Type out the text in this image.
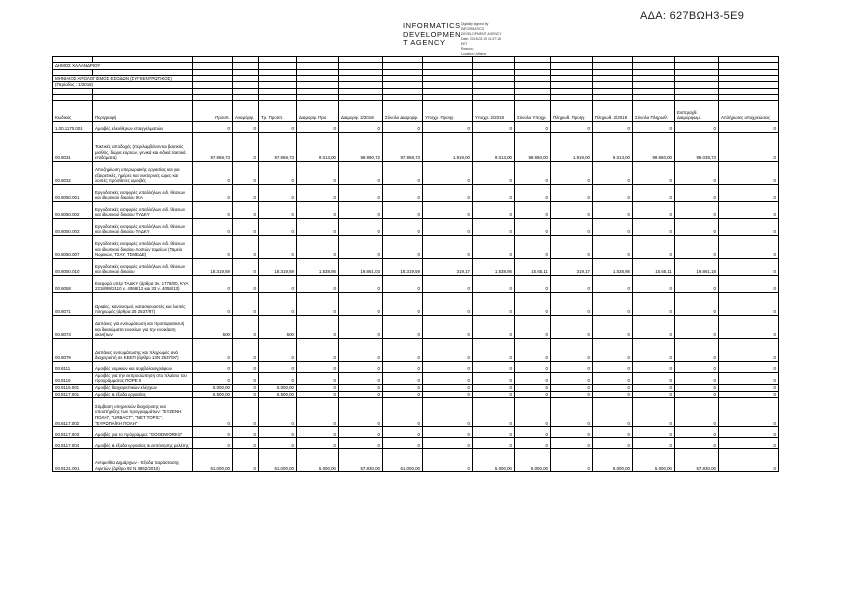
ΑΔΑ: 627ΒΩΗ3-5Ε9
INFORMATICS
DEVELOPMEN
T AGENCY
Digitally signed by
INFORMATICS
DEVELOPMENT AGENCY
Date: 2018.03.19 11:37:18
EET
Reason:
Location: Athens

ΔΗΜΟΣ ΧΑΛΑΝΔΡΙΟΥ															

ΜΗΝΙΑΙΟΣ ΑΠΟΛΟΓΙΣΜΟΣ ΕΣΟΔΩΝ (ΣΥΓΚΕΝΤΡΩΤΙΚΟΣ)															
(Περίοδος : 1/2018)															

Κωδικός	Περιγραφή	Προϋπ.	Αναμόρφ.	Τρ. Προϋπ.	Διαμορφ. Προ	Διαμορφ. 2/2018	Σύνολο Διαμορφ.	Υποχρ. Προηγ.	Υποχρ. 2/2018	Σύνολο Υποχρ.	Πληρωθ. Προηγ.	Πληρωθ. 2/2018	Σύνολο Πληρωθ.	Εισπραχθ. Διαμορφωμ.	Απλήρωτες υποχρεώσεις
1.00.1170.001	Αμοιβές ελευθέρων επαγγελματιών	0	0	0	0	0	0	0	0	0	0	0	0	0	0
00.8031	Τακτικές αποδοχές (περιλαμβάνονται βασικός μισθός, δώρα εορτών, γενικά και ειδικά τακτικά επιδόματα)	97.958,73	0	97.958,73	9.013,00	99.990,72	97.958,73	1.919,00	9.013,00	99.950,00	1.919,00	9.013,00	99.950,00	99.038,73	0
00.8032	Αποζημίωση υπερωριακής εργασίας και για εξαιρετικές, ημέρες και νυκτερινές ώρες και λοιπές πρόσθετες αμοιβές	0	0	0	0	0	0	0	0	0	0	0	0	0	0
00.8050.001	Εργοδοτικές εισφορές υπαλλήλων ειδ. θέσεων και ιδιωτικού δικαίου ΙΚΑ	0	0	0	0	0	0	0	0	0	0	0	0	0	0
00.8050.002	Εργοδοτικές εισφορές υπαλλήλων ειδ. θέσεων και ιδιωτικού δικαίου ΤΥΔΚΥ	0	0	0	0	0	0	0	0	0	0	0	0	0	0
00.8050.003	Εργοδοτικές εισφορές υπαλλήλων ειδ. θέσεων και ιδιωτικού δικαίου ΤΑΔΚΥ	0	0	0	0	0	0	0	0	0	0	0	0	0	0
00.8050.007	Εργοδοτικές εισφορές υπαλλήλων ειδ. θέσεων και ιδιωτικού δικαίου Λοιπών ταμείων (Ταμείο Νομικών, ΤΣΑΥ, ΤΣΜΕΔΕ)	0	0	0	0	0	0	0	0	0	0	0	0	0	0
00.8050.010	Εργοδοτικές εισφορές υπαλλήλων ειδ. θέσεων και ιδιωτικού δικαίου	18.319,59	0	18.319,59	1.538,95	19.861,03	18.319,59	319,17	1.538,95	15.65,11	319,17	1.538,95	15.65,11	19.861,18	0
00.8058	Εισφορά υπέρ ΤΑΔΚΥ (άρθρα 3ν. 1778/00, ΚΥΑ 2218/99/2110 ν. 4068/12 και 33 ν. 4058/13)	0	0	0	0	0	0	0	0	0	0	0	0	0	0
00.8071	Ωριαίες, κανονισμοί, κατασκευαστές και λοιπές πληρωμές (άρθρα 25 2537/97)	0	0	0	0	0	0	0	0	0	0	0	0	0	0
00.8073	Δαπάνες για ενσωμάτωση και προπαρασκευή και δικαιώματα ενοικίων για την ενοικίαση ακινήτων	500	0	500	0	0	0	0	0	0	0	0	0	0	0
00.8079	Δαπάνες ενσωμάτωσης και πληρωμές ανά διαχειριστή σε ΚΕΕΠ (άρθρο 13Ν 2537/97)	0	0	0	0	0	0	0	0	0	0	0	0	0	0
00.8111	Αμοιβές νομικών και συμβολαιογράφων	0	0	0	0	0	0	0	0	0	0	0	0	0	0
00.8115	Αμοιβές για την εκπροσώπηση στο πλαίσιο του προγράμματος ΠΟΡΕ ΙΙ	0	0	0	0	0	0	0	0	0	0	0	0	0	0
00.8115.001	Αμοιβές διαχειριστικών ελέγχων	5.000,00	0	5.000,00	0	0	0	0	0	0	0	0	0	0	0
00.8117.001	Αμοιβές & έξοδα εργασίας	5.500,00	0	5.500,00	0	0	0	0	0	0	0	0	0	0	0
00.8117.002	Σύμβαση υπηρεσιών διαχείρισης και υποστήριξης των προγραμμάτων: "ΕΥΖΕΝΗ ΠΟΛΗ", "URBACT", "NET TOPIC", "ΕΥΡΩΠΑΪΚΗ ΠΟΛΗ"	0	0	0	0	0	0	0	0	0	0	0	0	0	0
00.8117.003	Αμοιβές για το πρόγραμμα: "GOODWORKS"	0	0	0	0	0	0	0	0	0	0	0	0	0	0
00.8117.004	Αμοιβές & έξοδα εργασίας & εκπόνησης μελέτης	0	0	0	0	0	0	0	0	0	0	0	0	0	0
00.8121.001	Αντιμισθία Δημάρχων - Έξοδα παράστασης Αιρετών (άρθρο 92 Ν 3852/2010)	61.000,00	0	61.000,00	5.000,00	57.830,00	61.000,00	0	5.000,00	5.000,00	0	5.000,00	5.000,00	57.830,00	0
